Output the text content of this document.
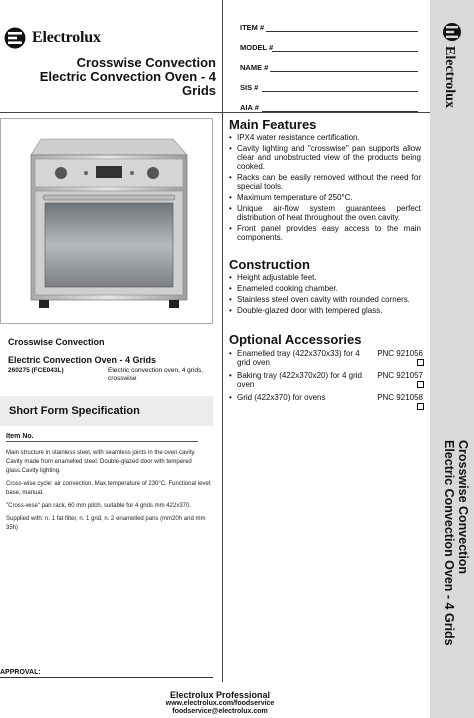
Electrolux
Crosswise Convection
Electric Convection Oven - 4 Grids
Electrolux
Crosswise Convection
Electric Convection Oven - 4
Grids
ITEM #
MODEL #
NAME #
SIS #
AIA #
Crosswise Convection
Electric Convection Oven - 4 Grids
260275 (FCE043L)	Electric convection oven, 4 grids, crosswise
Short Form Specification
Item No.

Main structure in stainless steel, with seamless joints in the oven cavity. Cavity made from enamelled steel. Double-glazed door with tempered glass.Cavity lighting.

Cross-wise cycle: air convection. Max.temperature of 230°C. Functional level: base, manual.

"Cross-wise" pan rack, 60 mm pitch, suitable for 4 grids mm 422x370.

Supplied with: n. 1 fat filter, n. 1 grid, n. 2 enamelled pans (mm20h and mm 35h)

APPROVAL:
Main Features
• IPX4 water resistance certification.
• Cavity lighting and "crosswise" pan supports allow clear and unobstructed view of the products being cooked.
• Racks can be easily removed without the need for special tools.
• Maximum temperature of 250°C.
• Unique air-flow system guarantees perfect distribution of heat throughout the oven cavity.
• Front panel provides easy access to the main components.
Construction
• Height adjustable feet.
• Enameled cooking chamber.
• Stainless steel oven cavity with rounded corners.
• Double-glazed door with tempered glass.
Optional Accessories
• Enamelled tray (422x370x33) for 4 grid oven
PNC 921056
• Baking tray (422x370x20) for 4 grid oven
PNC 921057
• Grid (422x370) for ovens	PNC 921058
Electrolux Professional
www.electrolux.com/foodservice
foodservice@electrolux.com
